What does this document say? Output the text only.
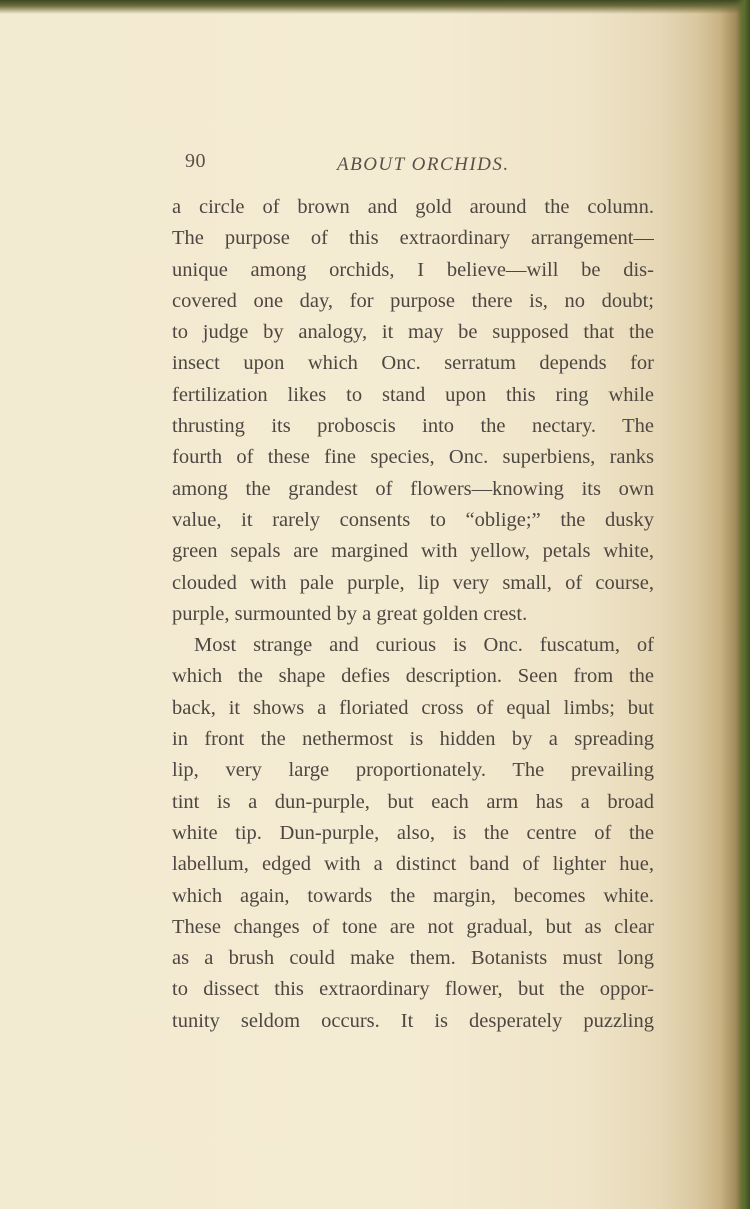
90	ABOUT ORCHIDS.
a circle of brown and gold around the column.
The purpose of this extraordinary arrangement—
unique among orchids, I believe—will be dis-
covered one day, for purpose there is, no doubt;
to judge by analogy, it may be supposed that the
insect upon which Onc. serratum depends for
fertilization likes to stand upon this ring while
thrusting its proboscis into the nectary. The
fourth of these fine species, Onc. superbiens, ranks
among the grandest of flowers—knowing its own
value, it rarely consents to “oblige;” the dusky
green sepals are margined with yellow, petals white,
clouded with pale purple, lip very small, of course,
purple, surmounted by a great golden crest.
Most strange and curious is Onc. fuscatum, of
which the shape defies description. Seen from the
back, it shows a floriated cross of equal limbs; but
in front the nethermost is hidden by a spreading
lip, very large proportionately. The prevailing
tint is a dun-purple, but each arm has a broad
white tip. Dun-purple, also, is the centre of the
labellum, edged with a distinct band of lighter hue,
which again, towards the margin, becomes white.
These changes of tone are not gradual, but as clear
as a brush could make them. Botanists must long
to dissect this extraordinary flower, but the oppor-
tunity seldom occurs. It is desperately puzzling
